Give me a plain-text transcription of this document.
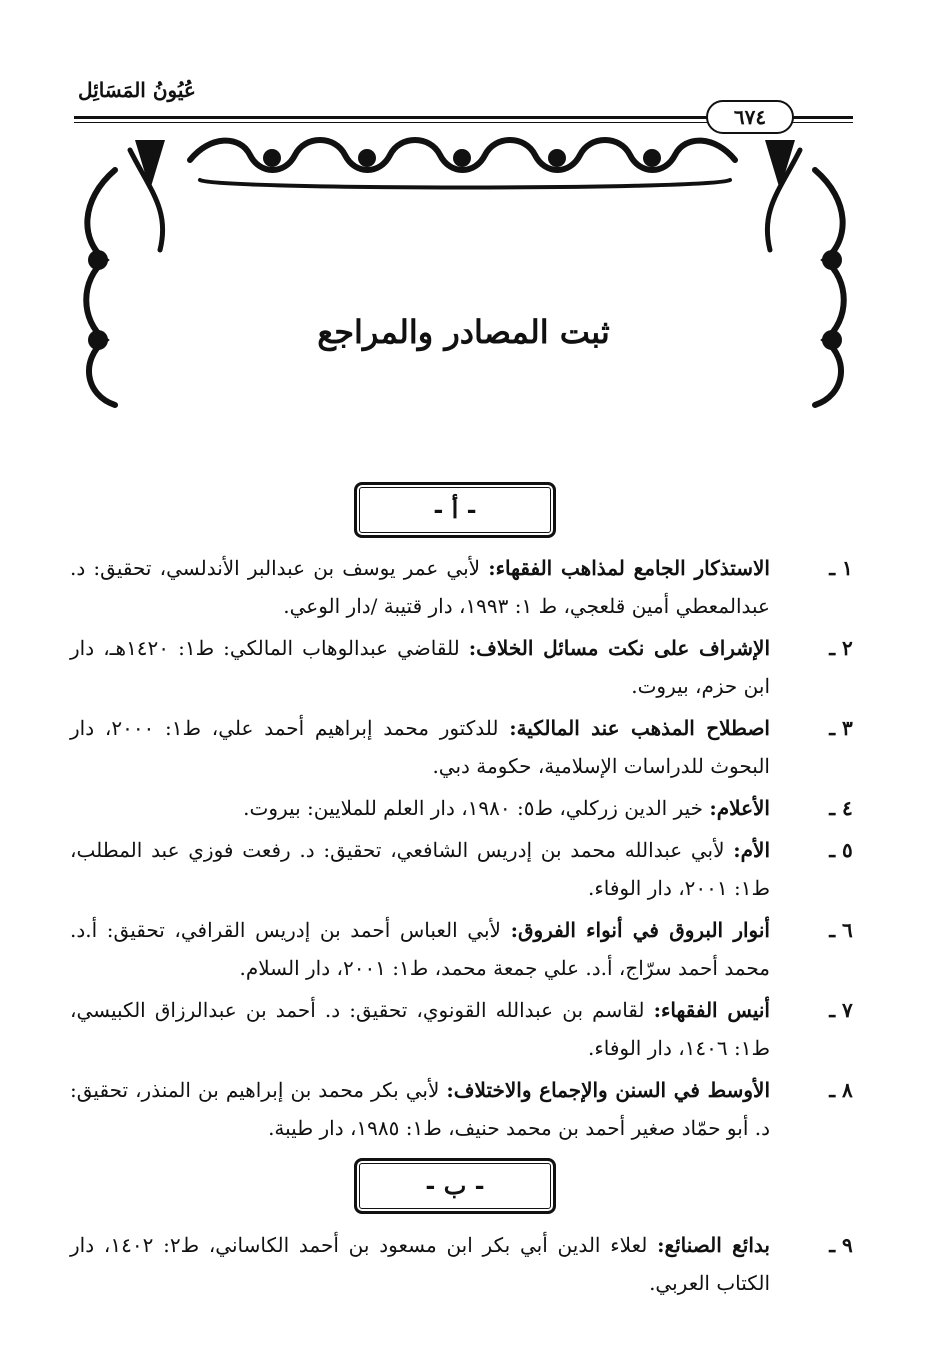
عُيُونُ المَسَائِل
٦٧٤
ثبت المصادر والمراجع
- أ -
١ ـ
الاستذكار الجامع لمذاهب الفقهاء: لأبي عمر يوسف بن عبدالبر الأندلسي، تحقيق: د. عبدالمعطي أمين قلعجي، ط ١: ١٩٩٣، دار قتيبة /دار الوعي.
٢ ـ
الإشراف على نكت مسائل الخلاف: للقاضي عبدالوهاب المالكي: ط١: ١٤٢٠هـ، دار ابن حزم، بيروت.
٣ ـ
اصطلاح المذهب عند المالكية: للدكتور محمد إبراهيم أحمد علي، ط١: ٢٠٠٠، دار البحوث للدراسات الإسلامية، حكومة دبي.
٤ ـ
الأعلام: خير الدين زركلي، ط٥: ١٩٨٠، دار العلم للملايين: بيروت.
٥ ـ
الأم: لأبي عبدالله محمد بن إدريس الشافعي، تحقيق: د. رفعت فوزي عبد المطلب، ط١: ٢٠٠١، دار الوفاء.
٦ ـ
أنوار البروق في أنواء الفروق: لأبي العباس أحمد بن إدريس القرافي، تحقيق: أ.د. محمد أحمد سرّاج، أ.د. علي جمعة محمد، ط١: ٢٠٠١، دار السلام.
٧ ـ
أنيس الفقهاء: لقاسم بن عبدالله القونوي، تحقيق: د. أحمد بن عبدالرزاق الكبيسي، ط١: ١٤٠٦، دار الوفاء.
٨ ـ
الأوسط في السنن والإجماع والاختلاف: لأبي بكر محمد بن إبراهيم بن المنذر، تحقيق: د. أبو حمّاد صغير أحمد بن محمد حنيف، ط١: ١٩٨٥، دار طيبة.
- ب -
٩ ـ
بدائع الصنائع: لعلاء الدين أبي بكر ابن مسعود بن أحمد الكاساني، ط٢: ١٤٠٢، دار الكتاب العربي.
